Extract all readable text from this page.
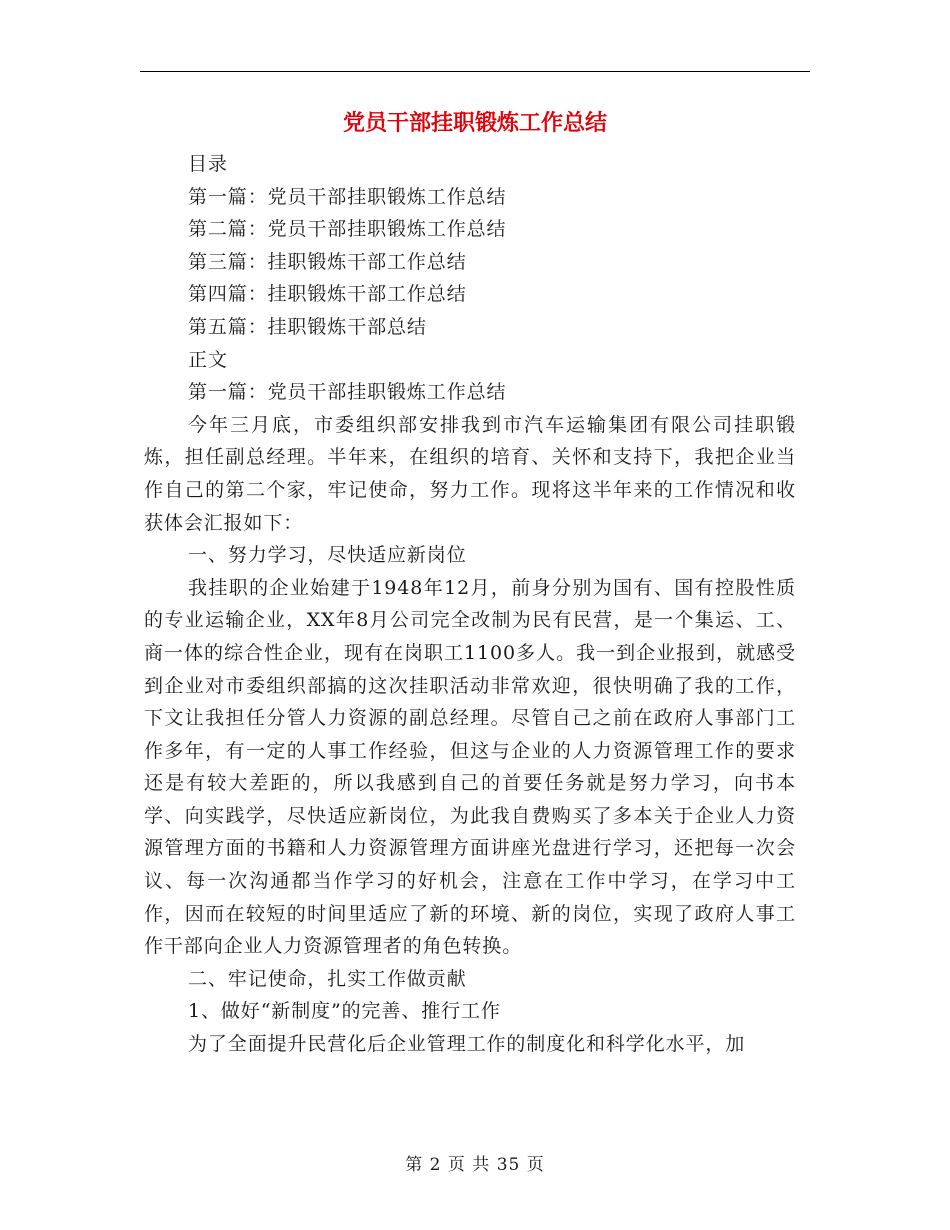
党员干部挂职锻炼工作总结

目录

第一篇：党员干部挂职锻炼工作总结

第二篇：党员干部挂职锻炼工作总结

第三篇：挂职锻炼干部工作总结

第四篇：挂职锻炼干部工作总结

第五篇：挂职锻炼干部总结

正文

第一篇：党员干部挂职锻炼工作总结

今年三月底，市委组织部安排我到市汽车运输集团有限公司挂职锻炼，担任副总经理。半年来，在组织的培育、关怀和支持下，我把企业当作自己的第二个家，牢记使命，努力工作。现将这半年来的工作情况和收获体会汇报如下：

一、努力学习，尽快适应新岗位

我挂职的企业始建于1948年12月，前身分别为国有、国有控股性质的专业运输企业，XX年8月公司完全改制为民有民营，是一个集运、工、商一体的综合性企业，现有在岗职工1100多人。我一到企业报到，就感受到企业对市委组织部搞的这次挂职活动非常欢迎，很快明确了我的工作，下文让我担任分管人力资源的副总经理。尽管自己之前在政府人事部门工作多年，有一定的人事工作经验，但这与企业的人力资源管理工作的要求还是有较大差距的，所以我感到自己的首要任务就是努力学习，向书本学、向实践学，尽快适应新岗位，为此我自费购买了多本关于企业人力资源管理方面的书籍和人力资源管理方面讲座光盘进行学习，还把每一次会议、每一次沟通都当作学习的好机会，注意在工作中学习，在学习中工作，因而在较短的时间里适应了新的环境、新的岗位，实现了政府人事工作干部向企业人力资源管理者的角色转换。

二、牢记使命，扎实工作做贡献

1、做好“新制度”的完善、推行工作

为了全面提升民营化后企业管理工作的制度化和科学化水平，加

第 2 页 共 35 页
